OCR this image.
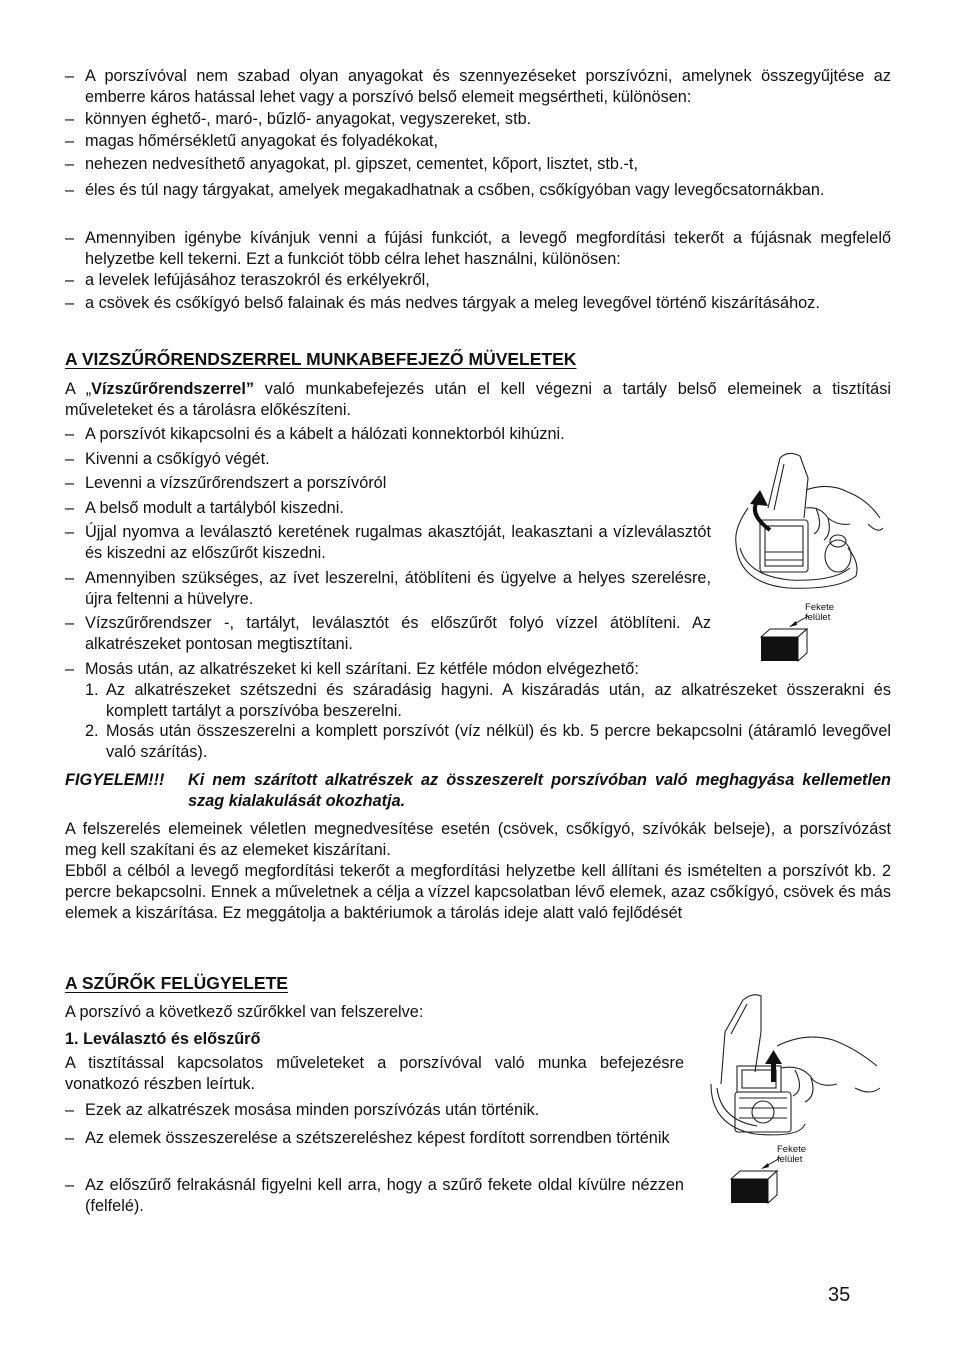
– A porszívóval nem szabad olyan anyagokat és szennyezéseket porszívózni, amelynek összegyűjtése az emberre káros hatással lehet vagy a porszívó belső elemeit megsértheti, különösen:
– könnyen éghető-, maró-, bűzlő- anyagokat, vegyszereket, stb.
– magas hőmérsékletű anyagokat és folyadékokat,
– nehezen nedvesíthető anyagokat, pl. gipszet, cementet, kőport, lisztet, stb.-t,
– éles és túl nagy tárgyakat, amelyek megakadhatnak a csőben, csőkígyóban vagy levegőcsatornákban.
– Amennyiben igénybe kívánjuk venni a fújási funkciót, a levegő megfordítási tekerőt a fújásnak megfelelő helyzetbe kell tekerni. Ezt a funkciót több célra lehet használni, különösen:
– a levelek lefújásához teraszokról és erkélyekről,
– a csövek és csőkígyó belső falainak és más nedves tárgyak a meleg levegővel történő kiszárításához.
A VIZSZŰRŐRENDSZERREL MUNKABEFEJEZŐ MÜVELETEK
A „Vízszűrőrendszerrel” való munkabefejezés után el kell végezni a tartály belső elemeinek a tisztítási műveleteket és a tárolásra előkészíteni.
– A porszívót kikapcsolni és a kábelt a hálózati konnektorból kihúzni.
– Kivenni a csőkígyó végét.
– Levenni a vízszűrőrendszert a porszívóról
– A belső modult a tartályból kiszedni.
– Újjal nyomva a leválasztó keretének rugalmas akasztóját, leakasztani a vízleválasztót és kiszedni az előszűrőt kiszedni.
– Amennyiben szükséges, az ívet leszerelni, átöblíteni és ügyelve a helyes szerelésre, újra feltenni a hüvelyre.
– Vízszűrőrendszer -, tartályt, leválasztót és előszűrőt folyó vízzel átöblíteni. Az alkatrészeket pontosan megtisztítani.
– Mosás után, az alkatrészeket ki kell szárítani. Ez kétféle módon elvégezhető:
1. Az alkatrészeket szétszedni és száradásig hagyni. A kiszáradás után, az alkatrészeket összerakni és komplett tartályt a porszívóba beszerelni.
2. Mosás után összeszerelni a komplett porszívót (víz nélkül) és kb. 5 percre bekapcsolni (átáramló levegővel való szárítás).
FIGYELEM!!! Ki nem szárított alkatrészek az összeszerelt porszívóban való meghagyása kellemetlen szag kialakulását okozhatja.
A felszerelés elemeinek véletlen megnedvesítése esetén (csövek, csőkígyó, szívókák belseje), a porszívózást meg kell szakítani és az elemeket kiszárítani.
Ebből a célból a levegő megfordítási tekerőt a megfordítási helyzetbe kell állítani és ismételten a porszívót kb. 2 percre bekapcsolni. Ennek a műveletnek a célja a vízzel kapcsolatban lévő elemek, azaz csőkígyó, csövek és más elemek a kiszárítása. Ez meggátolja a baktériumok a tárolás ideje alatt való fejlődését
Fekete
felület
A SZŰRŐK FELÜGYELETE
A porszívó a következő szűrőkkel van felszerelve:
1. Leválasztó és előszűrő
A tisztítással kapcsolatos műveleteket a porszívóval való munka befejezésre vonatkozó részben leírtuk.
– Ezek az alkatrészek mosása minden porszívózás után történik.
– Az elemek összeszerelése a szétszereléshez képest fordított sorrendben történik
– Az előszűrő felrakásnál figyelni kell arra, hogy a szűrő fekete oldal kívülre nézzen (felfelé).
Fekete
felület
35
